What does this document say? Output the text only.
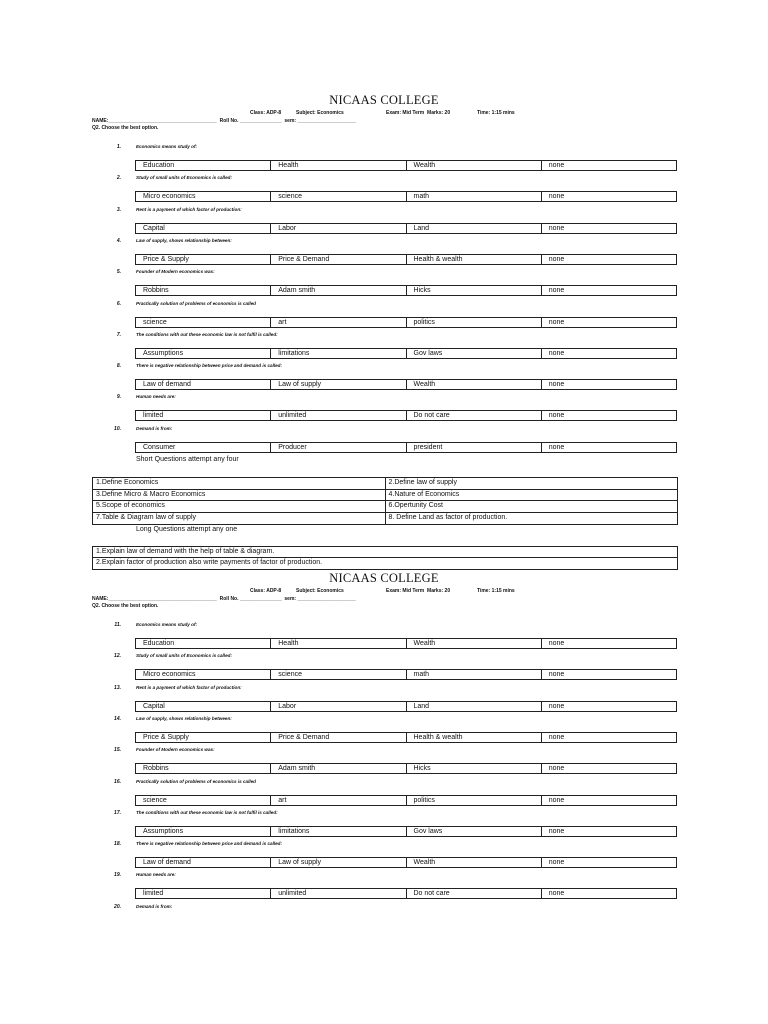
NICAAS COLLEGE
Class: ADP-8	Subject: Economics	Exam: Mid Term  Marks: 20	Time: 1:15 mins
NAME:_______________________________________  Roll No. _______________  sem: _____________________
Q2. Choose the best option.
1.	Economics means study of:
Education	Health	Wealth	none
2.	Study of small units of Economics is called:
Micro economics	science	math	none
3.	Rent is a payment of which factor of production:
Capital	Labor	Land	none
4.	Law of supply, shows relationship between:
Price & Supply	Price & Demand	Health & wealth	none
5.	Founder of Modern economics was:
Robbins	Adam smith	Hicks	none
6.	Practically solution of problems of economics is called
science	art	politics	none
7.	The conditions with out these economic law is not fulfil is called:
Assumptions	limitations	Gov laws	none
8.	There is negative relationship between price and demand is called:
Law of demand	Law of supply	Wealth	none
9.	Human needs are:
limited	unlimited	Do not care	none
10.	Demand is from:
Consumer	Producer	president	none
Short Questions attempt any four
1.Define Economics	2.Define law of supply
3.Define Micro & Macro Economics	4.Nature of Economics
5.Scope of economics	6.Opertunity Cost
7.Table & Diagram law of supply	8. Define Land as factor of production.
Long Questions attempt any one
1.Explain law of demand with the help of table & diagram.
2.Explain factor of production also write payments of factor of production.
NICAAS COLLEGE
Class: ADP-8	Subject: Economics	Exam: Mid Term  Marks: 20	Time: 1:15 mins
NAME:_______________________________________  Roll No. _______________  sem: _____________________
Q2. Choose the best option.
11.	Economics means study of:
Education	Health	Wealth	none
12.	Study of small units of Economics is called:
Micro economics	science	math	none
13.	Rent is a payment of which factor of production:
Capital	Labor	Land	none
14.	Law of supply, shows relationship between:
Price & Supply	Price & Demand	Health & wealth	none
15.	Founder of Modern economics was:
Robbins	Adam smith	Hicks	none
16.	Practically solution of problems of economics is called
science	art	politics	none
17.	The conditions with out these economic law is not fulfil is called:
Assumptions	limitations	Gov laws	none
18.	There is negative relationship between price and demand is called:
Law of demand	Law of supply	Wealth	none
19.	Human needs are:
limited	unlimited	Do not care	none
20.	Demand is from:
